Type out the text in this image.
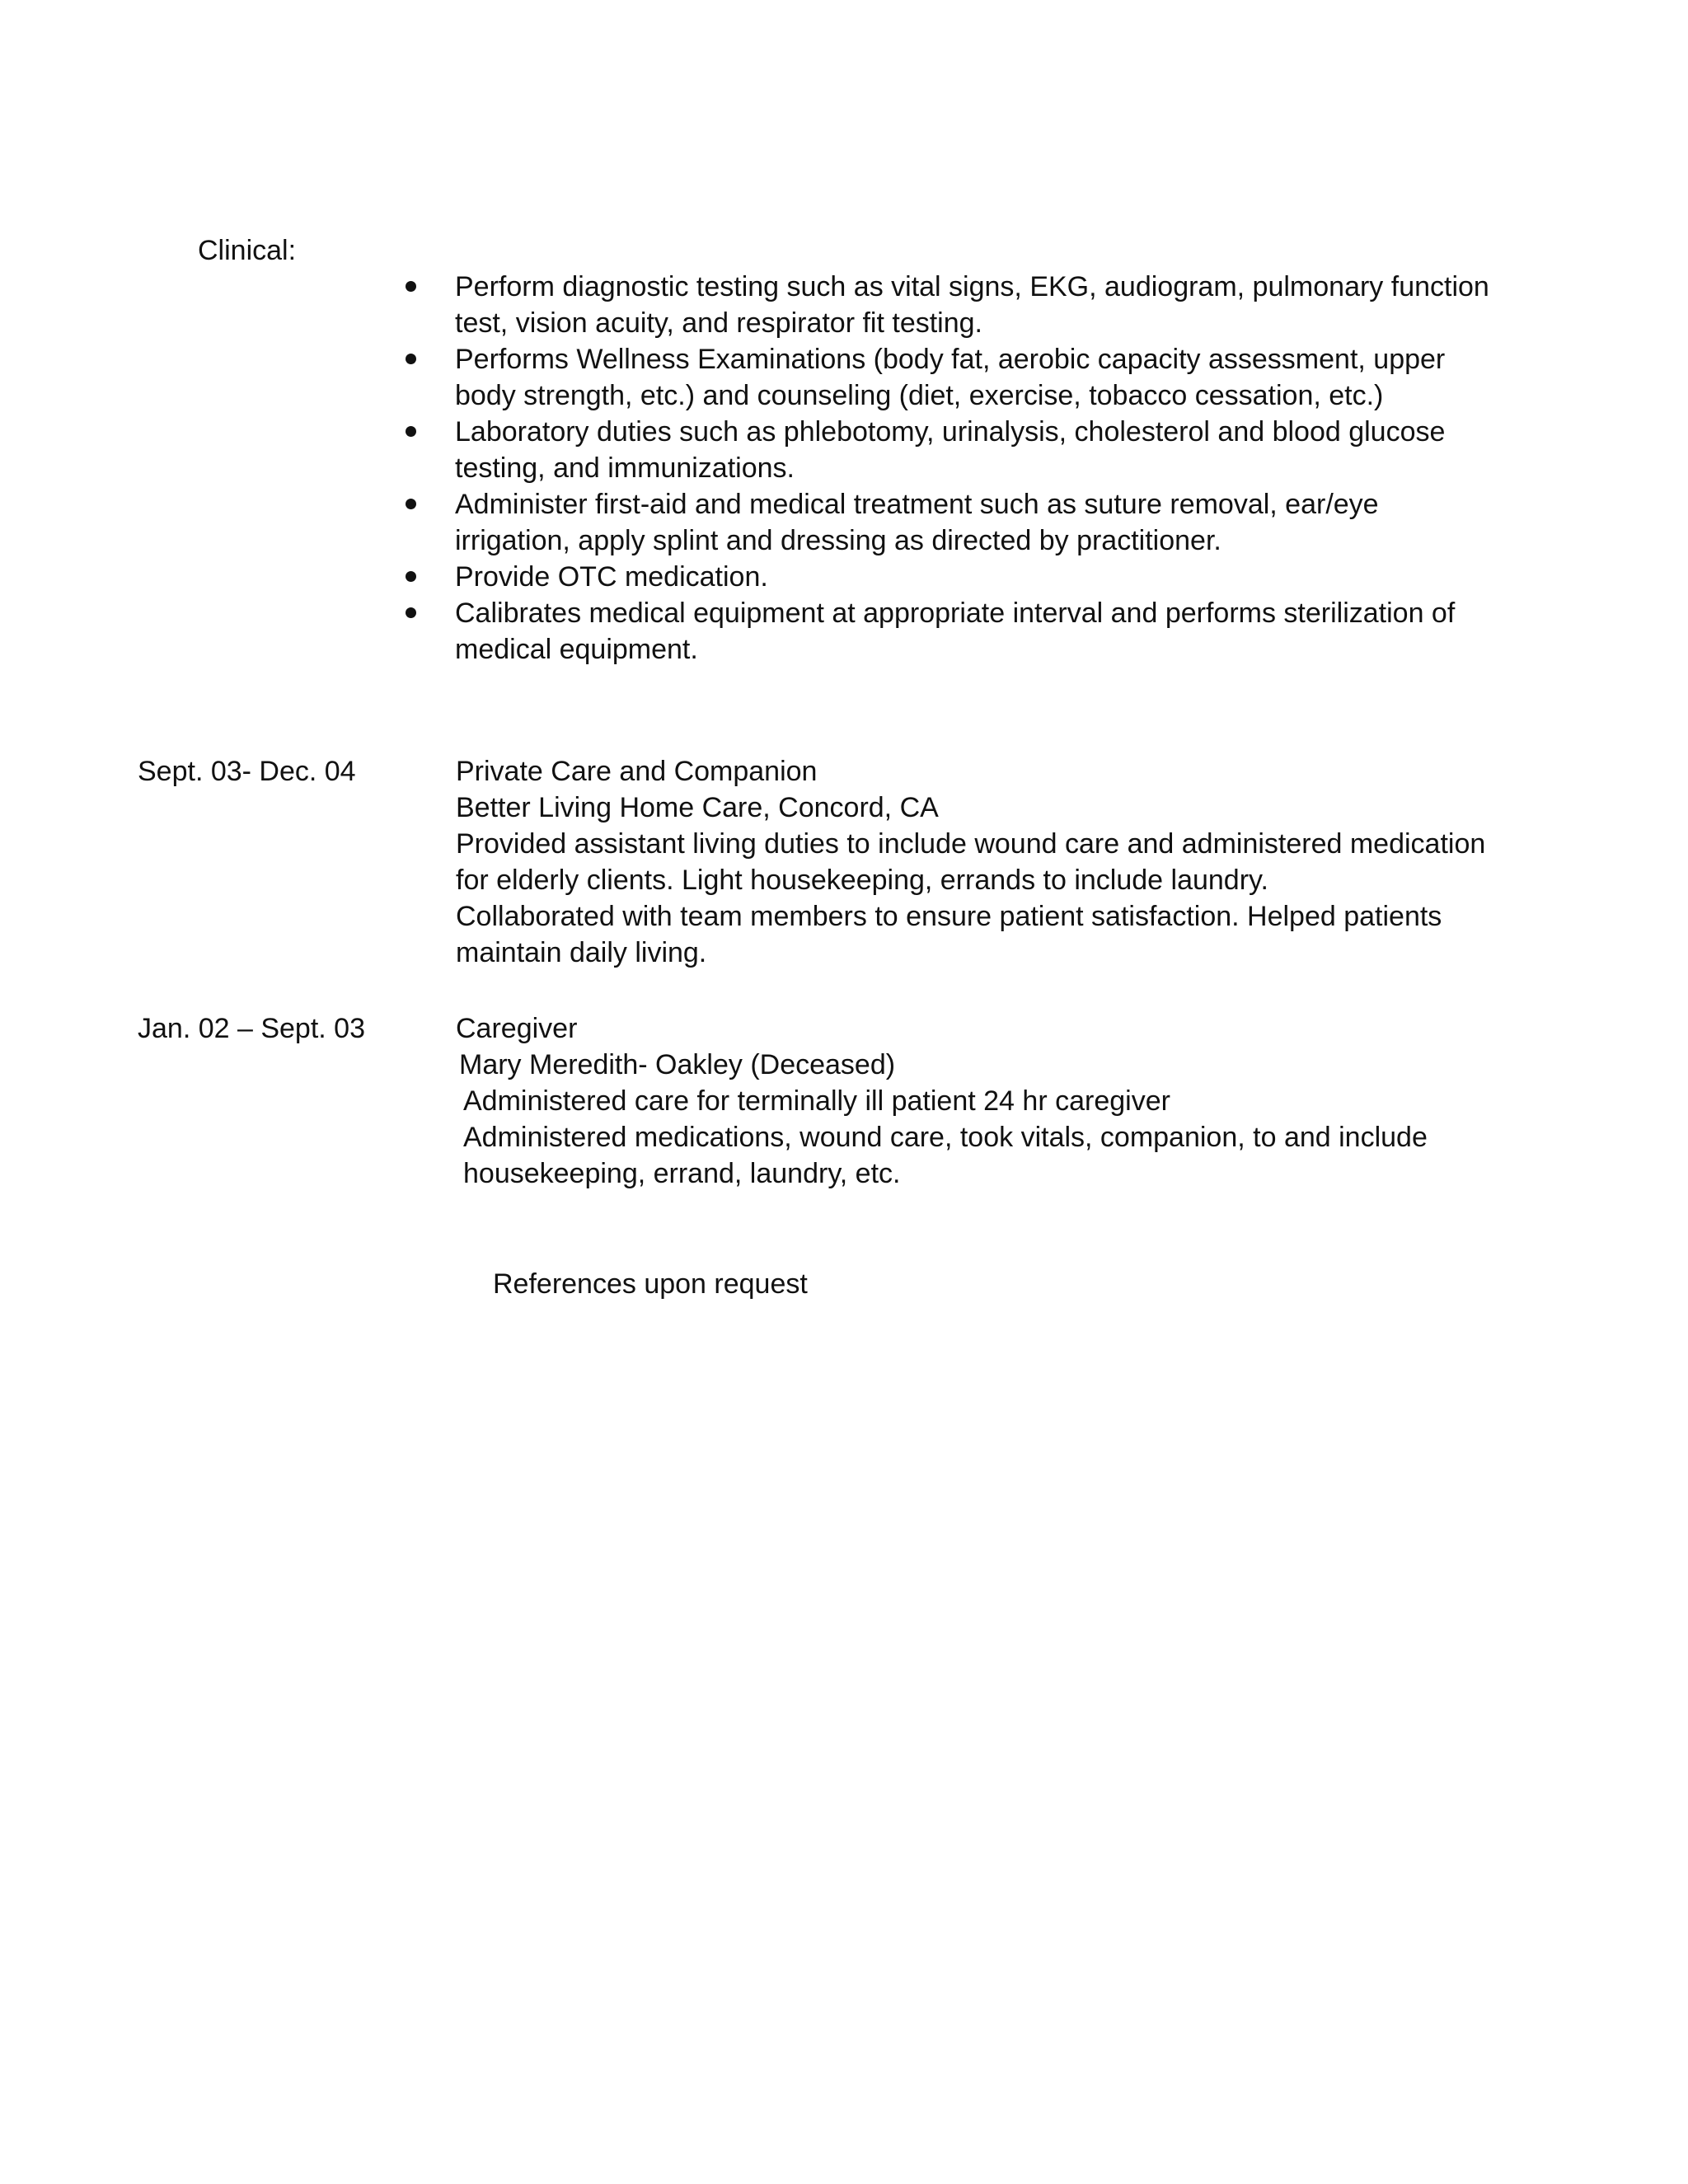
Clinical:
Perform diagnostic testing such as vital signs, EKG, audiogram, pulmonary function
test, vision acuity, and respirator fit testing.
Performs Wellness Examinations (body fat, aerobic capacity assessment, upper
body strength, etc.) and counseling (diet, exercise, tobacco cessation, etc.)
Laboratory duties such as phlebotomy, urinalysis, cholesterol and blood glucose
testing, and immunizations.
Administer first-aid and medical treatment such as suture removal, ear/eye
irrigation, apply splint and dressing as directed by practitioner.
Provide OTC medication.
Calibrates medical equipment at appropriate interval and performs sterilization of
medical equipment.
Sept. 03- Dec. 04	Private Care and Companion
Better Living Home Care, Concord, CA
Provided assistant living duties to include wound care and administered medication
for elderly clients. Light housekeeping, errands to include laundry.
Collaborated with team members to ensure patient satisfaction. Helped patients
maintain daily living.
Jan. 02 – Sept. 03	Caregiver
Mary Meredith- Oakley (Deceased)
Administered care for terminally ill patient 24 hr caregiver
Administered medications, wound care, took vitals, companion, to and include
housekeeping, errand, laundry, etc.
References upon request
